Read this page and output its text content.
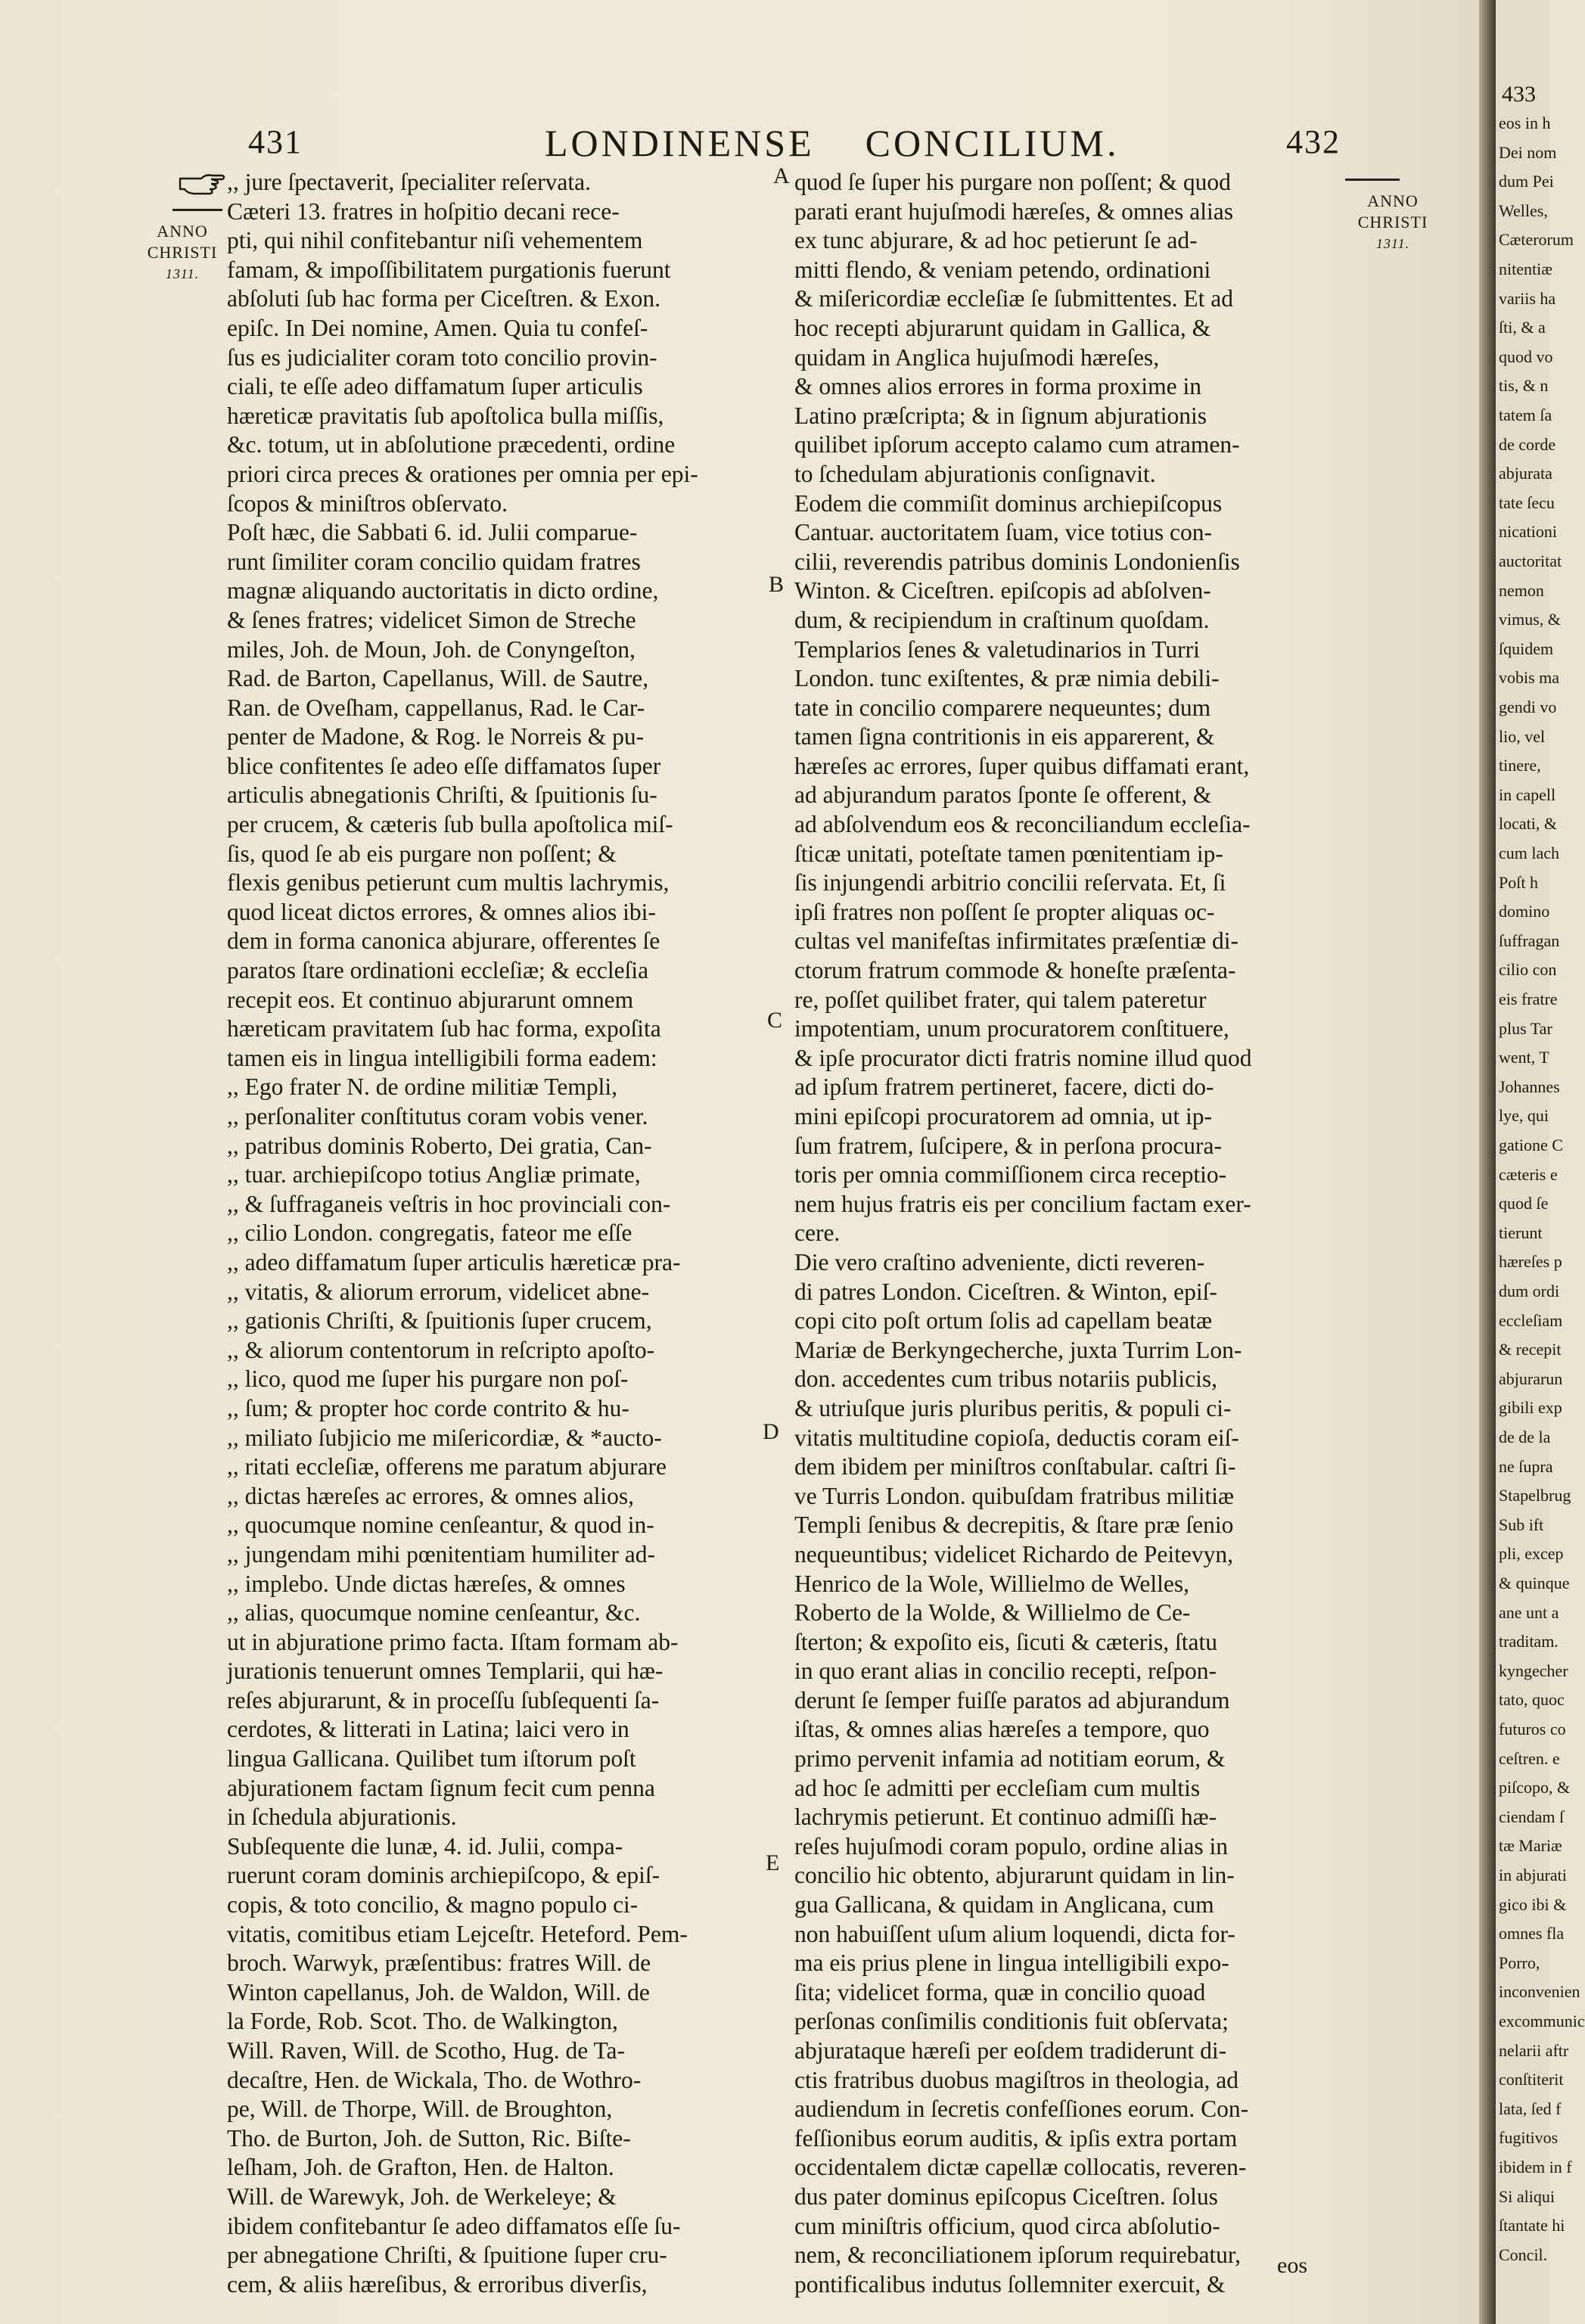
431	LONDINENSE CONCILIUM.	432
ANNO
CHRISTI
1311.
ANNO
CHRISTI
1311.
A
B
C
D
E
,, jure ſpectaverit, ſpecialiter reſervata.
Cæteri 13. fratres in hoſpitio decani rece-
pti, qui nihil confitebantur niſi vehementem
famam, & impoſſibilitatem purgationis fuerunt
abſoluti ſub hac forma per Ciceſtren. & Exon.
epiſc. In Dei nomine, Amen. Quia tu confeſ-
ſus es judicialiter coram toto concilio provin-
ciali, te eſſe adeo diffamatum ſuper articulis
hæreticæ pravitatis ſub apoſtolica bulla miſſis,
&c. totum, ut in abſolutione præcedenti, ordine
priori circa preces & orationes per omnia per epi-
ſcopos & miniſtros obſervato.
Poſt hæc, die Sabbati 6. id. Julii comparue-
runt ſimiliter coram concilio quidam fratres
magnæ aliquando auctoritatis in dicto ordine,
& ſenes fratres; videlicet Simon de Streche
miles, Joh. de Moun, Joh. de Conyngeſton,
Rad. de Barton, Capellanus, Will. de Sautre,
Ran. de Oveſham, cappellanus, Rad. le Car-
penter de Madone, & Rog. le Norreis & pu-
blice confitentes ſe adeo eſſe diffamatos ſuper
articulis abnegationis Chriſti, & ſpuitionis ſu-
per crucem, & cæteris ſub bulla apoſtolica miſ-
ſis, quod ſe ab eis purgare non poſſent; &
flexis genibus petierunt cum multis lachrymis,
quod liceat dictos errores, & omnes alios ibi-
dem in forma canonica abjurare, offerentes ſe
paratos ſtare ordinationi eccleſiæ; & eccleſia
recepit eos. Et continuo abjurarunt omnem
hæreticam pravitatem ſub hac forma, expoſita
tamen eis in lingua intelligibili forma eadem:
,, Ego frater N. de ordine militiæ Templi,
,, perſonaliter conſtitutus coram vobis vener.
,, patribus dominis Roberto, Dei gratia, Can-
,, tuar. archiepiſcopo totius Angliæ primate,
,, & ſuffraganeis veſtris in hoc provinciali con-
,, cilio London. congregatis, fateor me eſſe
,, adeo diffamatum ſuper articulis hæreticæ pra-
,, vitatis, & aliorum errorum, videlicet abne-
,, gationis Chriſti, & ſpuitionis ſuper crucem,
,, & aliorum contentorum in reſcripto apoſto-
,, lico, quod me ſuper his purgare non poſ-
,, ſum; & propter hoc corde contrito & hu-
,, miliato ſubjicio me miſericordiæ, & *aucto-
,, ritati eccleſiæ, offerens me paratum abjurare
,, dictas hæreſes ac errores, & omnes alios,
,, quocumque nomine cenſeantur, & quod in-
,, jungendam mihi pœnitentiam humiliter ad-
,, implebo. Unde dictas hæreſes, & omnes
,, alias, quocumque nomine cenſeantur, &c.
ut in abjuratione primo facta. Iſtam formam ab-
jurationis tenuerunt omnes Templarii, qui hæ-
reſes abjurarunt, & in proceſſu ſubſequenti ſa-
cerdotes, & litterati in Latina; laici vero in
lingua Gallicana. Quilibet tum iſtorum poſt
abjurationem factam ſignum fecit cum penna
in ſchedula abjurationis.
Subſequente die lunæ, 4. id. Julii, compa-
ruerunt coram dominis archiepiſcopo, & epiſ-
copis, & toto concilio, & magno populo ci-
vitatis, comitibus etiam Lejceſtr. Heteford. Pem-
broch. Warwyk, præſentibus: fratres Will. de
Winton capellanus, Joh. de Waldon, Will. de
la Forde, Rob. Scot. Tho. de Walkington,
Will. Raven, Will. de Scotho, Hug. de Ta-
decaſtre, Hen. de Wickala, Tho. de Wothro-
pe, Will. de Thorpe, Will. de Broughton,
Tho. de Burton, Joh. de Sutton, Ric. Biſte-
leſham, Joh. de Grafton, Hen. de Halton.
Will. de Warewyk, Joh. de Werkeleye; &
ibidem confitebantur ſe adeo diffamatos eſſe ſu-
per abnegatione Chriſti, & ſpuitione ſuper cru-
cem, & aliis hæreſibus, & erroribus diverſis,
quod ſe ſuper his purgare non poſſent; & quod
parati erant hujuſmodi hæreſes, & omnes alias
ex tunc abjurare, & ad hoc petierunt ſe ad-
mitti flendo, & veniam petendo, ordinationi
& miſericordiæ eccleſiæ ſe ſubmittentes. Et ad
hoc recepti abjurarunt quidam in Gallica, &
quidam in Anglica hujuſmodi hæreſes,
& omnes alios errores in forma proxime in
Latino præſcripta; & in ſignum abjurationis
quilibet ipſorum accepto calamo cum atramen-
to ſchedulam abjurationis conſignavit.
Eodem die commiſit dominus archiepiſcopus
Cantuar. auctoritatem ſuam, vice totius con-
cilii, reverendis patribus dominis Londonienſis
Winton. & Ciceſtren. epiſcopis ad abſolven-
dum, & recipiendum in craſtinum quoſdam.
Templarios ſenes & valetudinarios in Turri
London. tunc exiſtentes, & præ nimia debili-
tate in concilio comparere nequeuntes; dum
tamen ſigna contritionis in eis apparerent, &
hæreſes ac errores, ſuper quibus diffamati erant,
ad abjurandum paratos ſponte ſe offerent, &
ad abſolvendum eos & reconciliandum eccleſia-
ſticæ unitati, poteſtate tamen pœnitentiam ip-
ſis injungendi arbitrio concilii reſervata. Et, ſi
ipſi fratres non poſſent ſe propter aliquas oc-
cultas vel manifeſtas infirmitates præſentiæ di-
ctorum fratrum commode & honeſte præſenta-
re, poſſet quilibet frater, qui talem pateretur
impotentiam, unum procuratorem conſtituere,
& ipſe procurator dicti fratris nomine illud quod
ad ipſum fratrem pertineret, facere, dicti do-
mini epiſcopi procuratorem ad omnia, ut ip-
ſum fratrem, ſuſcipere, & in perſona procura-
toris per omnia commiſſionem circa receptio-
nem hujus fratris eis per concilium factam exer-
cere.
Die vero craſtino adveniente, dicti reveren-
di patres London. Ciceſtren. & Winton, epiſ-
copi cito poſt ortum ſolis ad capellam beatæ
Mariæ de Berkyngecherche, juxta Turrim Lon-
don. accedentes cum tribus notariis publicis,
& utriuſque juris pluribus peritis, & populi ci-
vitatis multitudine copioſa, deductis coram eiſ-
dem ibidem per miniſtros conſtabular. caſtri ſi-
ve Turris London. quibuſdam fratribus militiæ
Templi ſenibus & decrepitis, & ſtare præ ſenio
nequeuntibus; videlicet Richardo de Peitevyn,
Henrico de la Wole, Willielmo de Welles,
Roberto de la Wolde, & Willielmo de Ce-
ſterton; & expoſito eis, ſicuti & cæteris, ſtatu
in quo erant alias in concilio recepti, reſpon-
derunt ſe ſemper fuiſſe paratos ad abjurandum
iſtas, & omnes alias hæreſes a tempore, quo
primo pervenit infamia ad notitiam eorum, &
ad hoc ſe admitti per eccleſiam cum multis
lachrymis petierunt. Et continuo admiſſi hæ-
reſes hujuſmodi coram populo, ordine alias in
concilio hic obtento, abjurarunt quidam in lin-
gua Gallicana, & quidam in Anglicana, cum
non habuiſſent uſum alium loquendi, dicta for-
ma eis prius plene in lingua intelligibili expo-
ſita; videlicet forma, quæ in concilio quoad
perſonas conſimilis conditionis fuit obſervata;
abjurataque hæreſi per eoſdem tradiderunt di-
ctis fratribus duobus magiſtros in theologia, ad
audiendum in ſecretis confeſſiones eorum. Con-
feſſionibus eorum auditis, & ipſis extra portam
occidentalem dictæ capellæ collocatis, reveren-
dus pater dominus epiſcopus Ciceſtren. ſolus
cum miniſtris officium, quod circa abſolutio-
nem, & reconciliationem ipſorum requirebatur,
pontificalibus indutus ſollemniter exercuit, &
eos
433
eos in h
Dei nom
dum Pei
Welles,
Cæterorum
nitentiæ
variis ha
ſti, & a
quod vo
tis, & n
tatem ſa
de corde
abjurata
tate ſecu
nicationi
auctoritat
nemon
vimus, &
ſquidem
vobis ma
gendi vo
lio, vel
tinere,
in capell
locati, &
cum lach
Poſt h
domino
ſuffragan
cilio con
eis fratre
plus Tar
went, T
Johannes
lye, qui
gatione C
cæteris e
quod ſe
tierunt
hæreſes p
dum ordi
eccleſiam
& recepit
abjurarun
gibili exp
de de la
ne ſupra
Stapelbrug
Sub ift
pli, excep
& quinque
ane unt a
traditam.
kyngecher
tato, quoc
futuros co
ceſtren. e
piſcopo, &
ciendam ſ
tæ Mariæ
in abjurati
gico ibi &
omnes fla
Porro,
inconvenien
excommunic
nelarii aftr
conſtiterit
lata, ſed f
fugitivos
ibidem in f
Si aliqui
ſtantate hi
Concil.
